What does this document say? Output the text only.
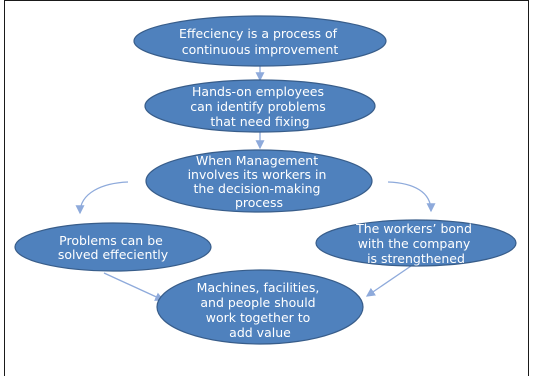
Effeciency is a process of continuous improvement
Hands-on employees can identify problems that need fixing
When Management involves its workers in the decision-making process
Problems can be solved effeciently
The workers’ bond with the company is strengthened
Machines, facilities, and people should work together to add value
